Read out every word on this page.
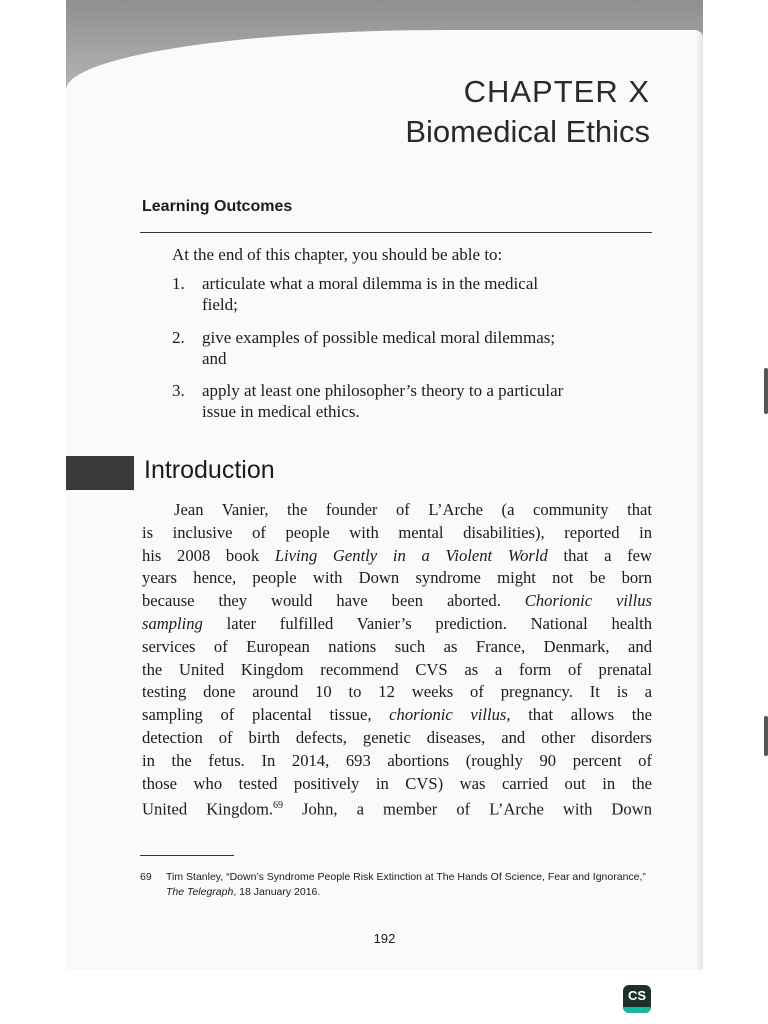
CHAPTER X
Biomedical Ethics
Learning Outcomes
At the end of this chapter, you should be able to:
1.	articulate what a moral dilemma is in the medical
field;
2.	give examples of possible medical moral dilemmas;
and
3.	apply at least one philosopher’s theory to a particular
issue in medical ethics.
Introduction
Jean Vanier, the founder of L’Arche (a community that
is inclusive of people with mental disabilities), reported in
his 2008 book Living Gently in a Violent World that a few
years hence, people with Down syndrome might not be born
because they would have been aborted. Chorionic villus
sampling later fulfilled Vanier’s prediction. National health
services of European nations such as France, Denmark, and
the United Kingdom recommend CVS as a form of prenatal
testing done around 10 to 12 weeks of pregnancy. It is a
sampling of placental tissue, chorionic villus, that allows the
detection of birth defects, genetic diseases, and other disorders
in the fetus. In 2014, 693 abortions (roughly 90 percent of
those who tested positively in CVS) was carried out in the
United Kingdom.$^{69}$ John, a member of L’Arche with Down
69	Tim Stanley, “Down’s Syndrome People Risk Extinction at The Hands Of Science, Fear and Ignorance,” The Telegraph, 18 January 2016.
192
CS
